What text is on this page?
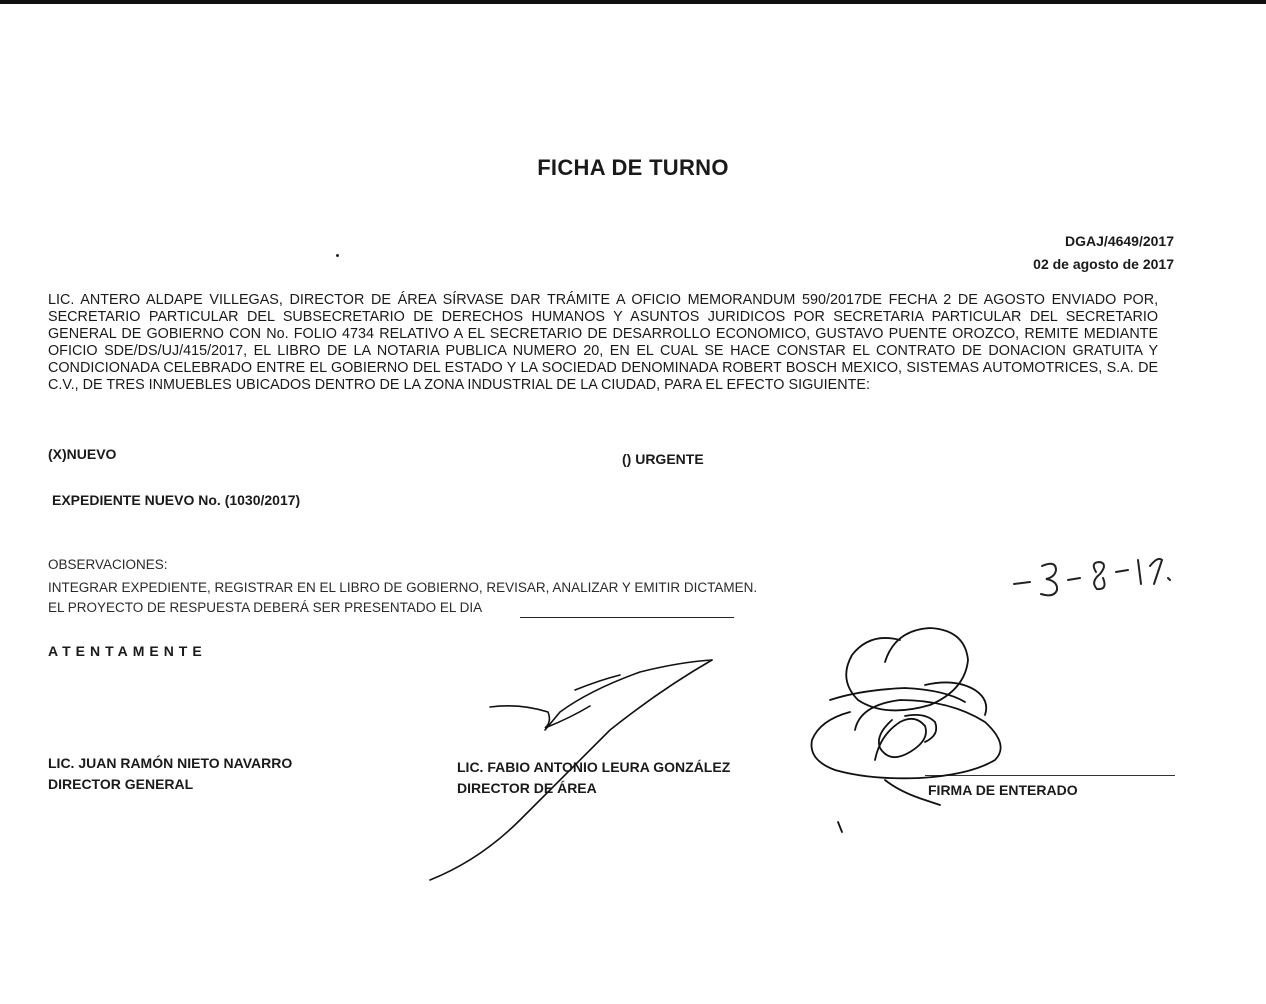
FICHA DE TURNO
DGAJ/4649/2017
02 de agosto de 2017
LIC. ANTERO ALDAPE VILLEGAS, DIRECTOR DE ÁREA SÍRVASE DAR TRÁMITE A OFICIO MEMORANDUM 590/2017DE FECHA 2 DE AGOSTO ENVIADO POR, SECRETARIO PARTICULAR DEL SUBSECRETARIO DE DERECHOS HUMANOS Y ASUNTOS JURIDICOS POR SECRETARIA PARTICULAR DEL SECRETARIO GENERAL DE GOBIERNO CON No. FOLIO 4734 RELATIVO A EL SECRETARIO DE DESARROLLO ECONOMICO, GUSTAVO PUENTE OROZCO, REMITE MEDIANTE OFICIO SDE/DS/UJ/415/2017, EL LIBRO DE LA NOTARIA PUBLICA NUMERO 20, EN EL CUAL SE HACE CONSTAR EL CONTRATO DE DONACION GRATUITA Y CONDICIONADA CELEBRADO ENTRE EL GOBIERNO DEL ESTADO Y LA SOCIEDAD DENOMINADA ROBERT BOSCH MEXICO, SISTEMAS AUTOMOTRICES, S.A. DE C.V., DE TRES INMUEBLES UBICADOS DENTRO DE LA ZONA INDUSTRIAL DE LA CIUDAD, PARA EL EFECTO SIGUIENTE:
(X)NUEVO	() URGENTE
EXPEDIENTE NUEVO No. (1030/2017)
OBSERVACIONES:
INTEGRAR EXPEDIENTE, REGISTRAR EN EL LIBRO DE GOBIERNO, REVISAR, ANALIZAR Y EMITIR DICTAMEN.
EL PROYECTO DE RESPUESTA DEBERÁ SER PRESENTADO EL DIA
ATENTAMENTE
LIC. JUAN RAMÓN NIETO NAVARRO
DIRECTOR GENERAL
LIC. FABIO ANTONIO LEURA GONZÁLEZ
DIRECTOR DE ÁREA	FIRMA DE ENTERADO
